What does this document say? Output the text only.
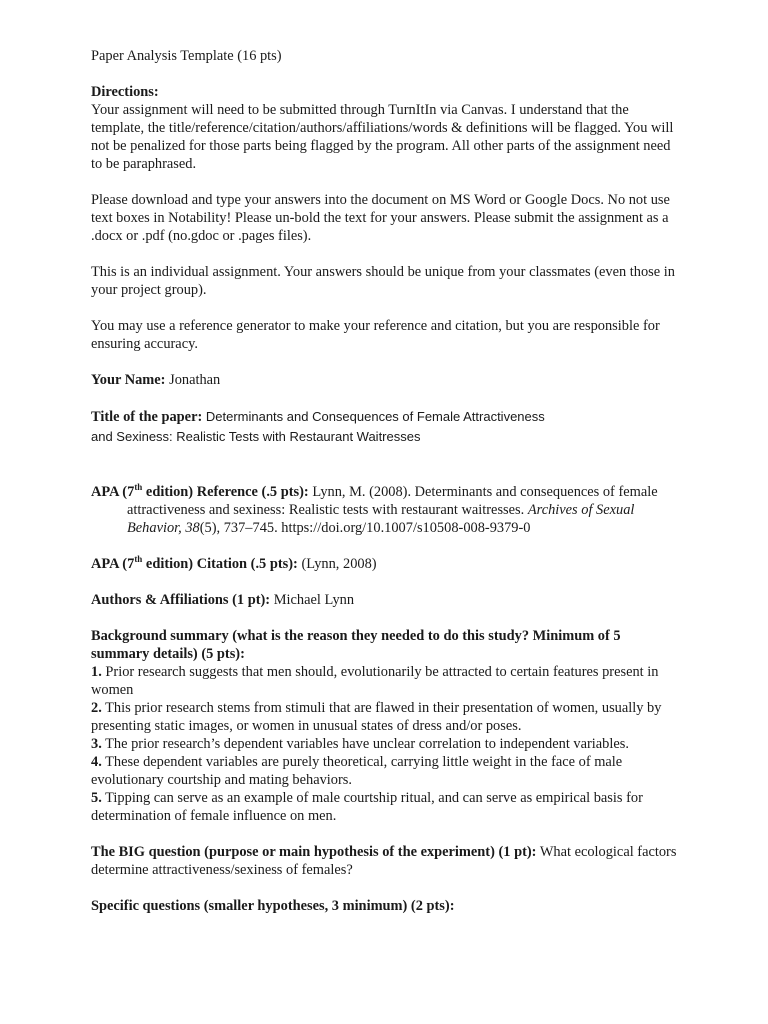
Paper Analysis Template (16 pts)

Directions:

Your assignment will need to be submitted through TurnItIn via Canvas. I understand that the template, the title/reference/citation/authors/affiliations/words & definitions will be flagged. You will not be penalized for those parts being flagged by the program. All other parts of the assignment need to be paraphrased.

Please download and type your answers into the document on MS Word or Google Docs. No not use text boxes in Notability! Please un-bold the text for your answers. Please submit the assignment as a .docx or .pdf (no.gdoc or .pages files).

This is an individual assignment. Your answers should be unique from your classmates (even those in your project group).

You may use a reference generator to make your reference and citation, but you are responsible for ensuring accuracy.

Your Name: Jonathan

Title of the paper: Determinants and Consequences of Female Attractiveness

and Sexiness: Realistic Tests with Restaurant Waitresses

APA (7th edition) Reference (.5 pts): Lynn, M. (2008). Determinants and consequences of female attractiveness and sexiness: Realistic tests with restaurant waitresses. Archives of Sexual Behavior, 38(5), 737–745. https://doi.org/10.1007/s10508-008-9379-0

APA (7th edition) Citation (.5 pts): (Lynn, 2008)

Authors & Affiliations (1 pt): Michael Lynn

Background summary (what is the reason they needed to do this study? Minimum of 5 summary details) (5 pts):

1. Prior research suggests that men should, evolutionarily be attracted to certain features present in women

2. This prior research stems from stimuli that are flawed in their presentation of women, usually by presenting static images, or women in unusual states of dress and/or poses.

3. The prior research’s dependent variables have unclear correlation to independent variables.

4. These dependent variables are purely theoretical, carrying little weight in the face of male evolutionary courtship and mating behaviors.

5. Tipping can serve as an example of male courtship ritual, and can serve as empirical basis for determination of female influence on men.

The BIG question (purpose or main hypothesis of the experiment) (1 pt): What ecological factors determine attractiveness/sexiness of females?

Specific questions (smaller hypotheses, 3 minimum) (2 pts):
